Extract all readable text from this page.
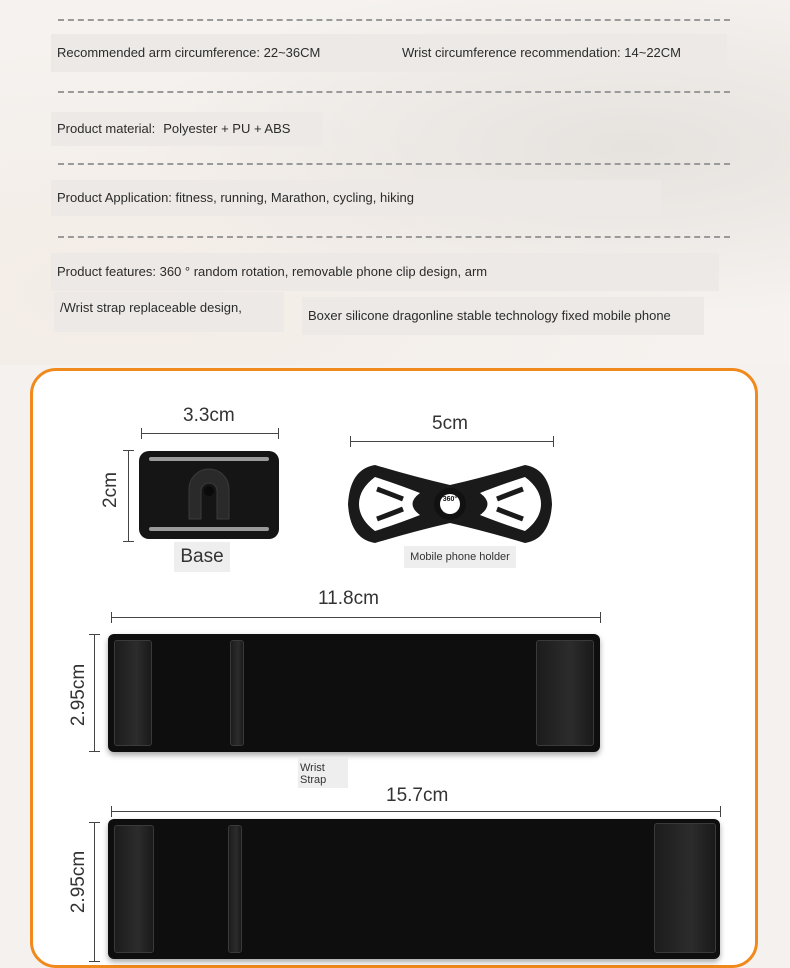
Recommended arm circumference: 22~36CM	Wrist circumference recommendation: 14~22CM
Product material: Polyester + PU + ABS
Product Application: fitness, running, Marathon, cycling, hiking
Product features: 360 ° random rotation, removable phone clip design, arm
/Wrist strap replaceable design,
Boxer silicone dragonline stable technology fixed mobile phone
3.3cm
2cm
Base
5cm
360°
Mobile phone holder
11.8cm
2.95cm
Wrist
Strap
15.7cm
2.95cm
